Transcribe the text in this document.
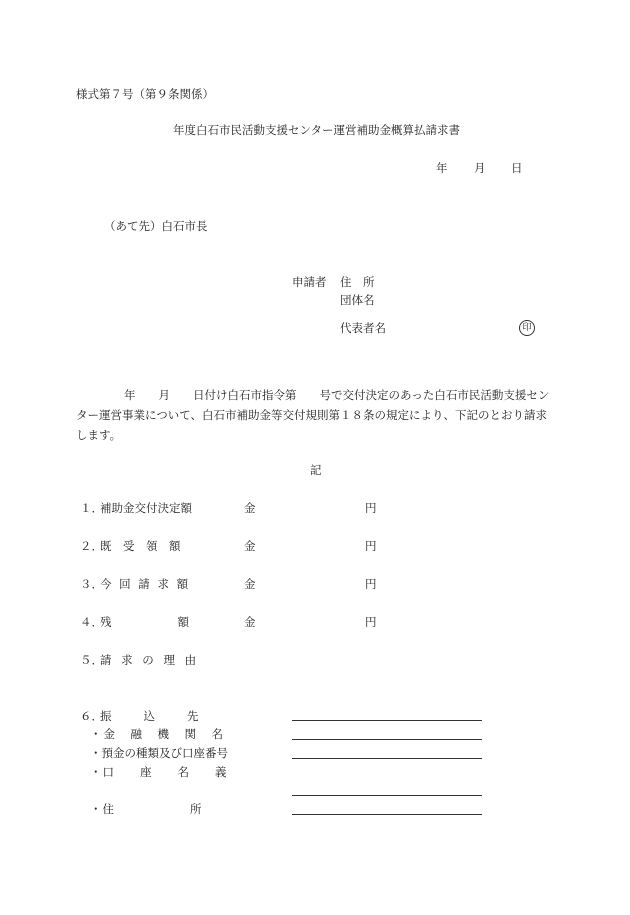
様式第７号（第９条関係）
年度白石市民活動支援センター運営補助金概算払請求書
年 月 日
（あて先）白石市長
申請者 住　所
団体名
代表者名	印
年　　月　　日付け白石市指令第　　号で交付決定のあった白石市民活動支援センター運営事業について、白石市補助金等交付規則第１８条の規定により、下記のとおり請求します。
記
１．
補助金交付決定額	金	円
２．
既　受　領　額	金	円
３．
今 回 請 求 額	金	円
４．
残　　　　額	金	円
５．
請 求 の 理 由
６．
振　　込　　先
・金　融　機　関　名
・預金の種類及び口座番号
・口　　座　　名　　義
・住　　　　　　所
